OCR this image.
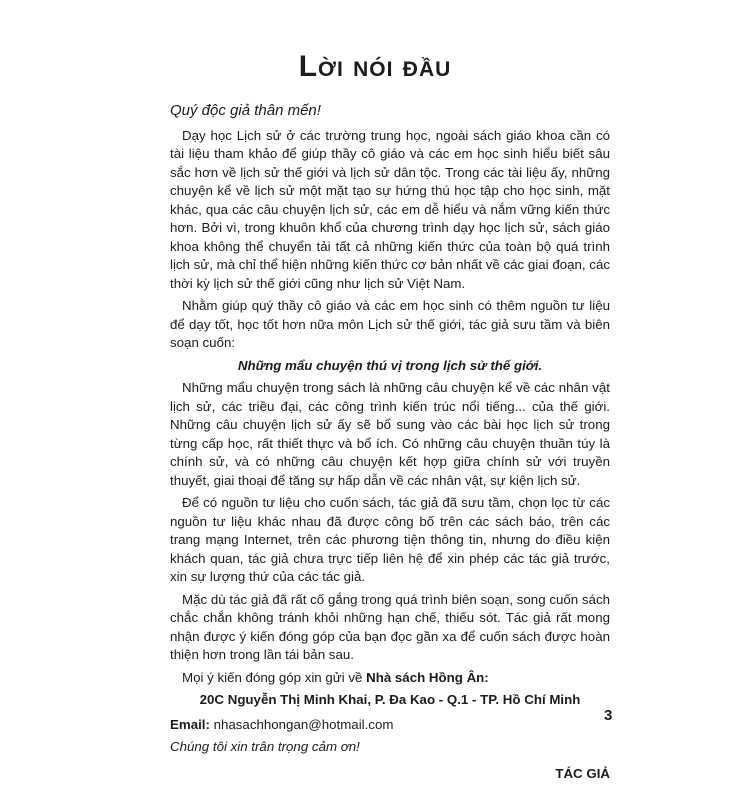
Lời nói đầu

Quý độc giả thân mến!

Dạy học Lịch sử ở các trường trung học, ngoài sách giáo khoa cần có tài liệu tham khảo để giúp thầy cô giáo và các em học sinh hiểu biết sâu sắc hơn về lịch sử thế giới và lịch sử dân tộc. Trong các tài liệu ấy, những chuyện kể về lịch sử một mặt tạo sự hứng thú học tập cho học sinh, mặt khác, qua các câu chuyện lịch sử, các em dễ hiểu và nắm vững kiến thức hơn. Bởi vì, trong khuôn khổ của chương trình dạy học lịch sử, sách giáo khoa không thể chuyển tải tất cả những kiến thức của toàn bộ quá trình lịch sử, mà chỉ thể hiện những kiến thức cơ bản nhất về các giai đoạn, các thời kỳ lịch sử thế giới cũng như lịch sử Việt Nam.

Nhằm giúp quý thầy cô giáo và các em học sinh có thêm nguồn tư liệu để dạy tốt, học tốt hơn nữa môn Lịch sử thế giới, tác giả sưu tầm và biên soạn cuốn:

Những mẩu chuyện thú vị trong lịch sử thế giới.

Những mẩu chuyện trong sách là những câu chuyện kể về các nhân vật lịch sử, các triều đại, các công trình kiến trúc nổi tiếng... của thế giới. Những câu chuyện lịch sử ấy sẽ bổ sung vào các bài học lịch sử trong từng cấp học, rất thiết thực và bổ ích. Có những câu chuyện thuần túy là chính sử, và có những câu chuyện kết hợp giữa chính sử với truyền thuyết, giai thoại để tăng sự hấp dẫn về các nhân vật, sự kiện lịch sử.

Để có nguồn tư liệu cho cuốn sách, tác giả đã sưu tầm, chọn lọc từ các nguồn tư liệu khác nhau đã được công bố trên các sách báo, trên các trang mạng Internet, trên các phương tiện thông tin, nhưng do điều kiện khách quan, tác giả chưa trực tiếp liên hệ để xin phép các tác giả trước, xin sự lượng thứ của các tác giả.

Mặc dù tác giả đã rất cố gắng trong quá trình biên soạn, song cuốn sách chắc chắn không tránh khỏi những hạn chế, thiếu sót. Tác giả rất mong nhận được ý kiến đóng góp của bạn đọc gần xa để cuốn sách được hoàn thiện hơn trong lần tái bản sau.

Mọi ý kiến đóng góp xin gửi về Nhà sách Hồng Ân:

20C Nguyễn Thị Minh Khai, P. Đa Kao - Q.1 - TP. Hồ Chí Minh

Email: nhasachhongan@hotmail.com

Chúng tôi xin trân trọng cảm ơn!

TÁC GIẢ

3
